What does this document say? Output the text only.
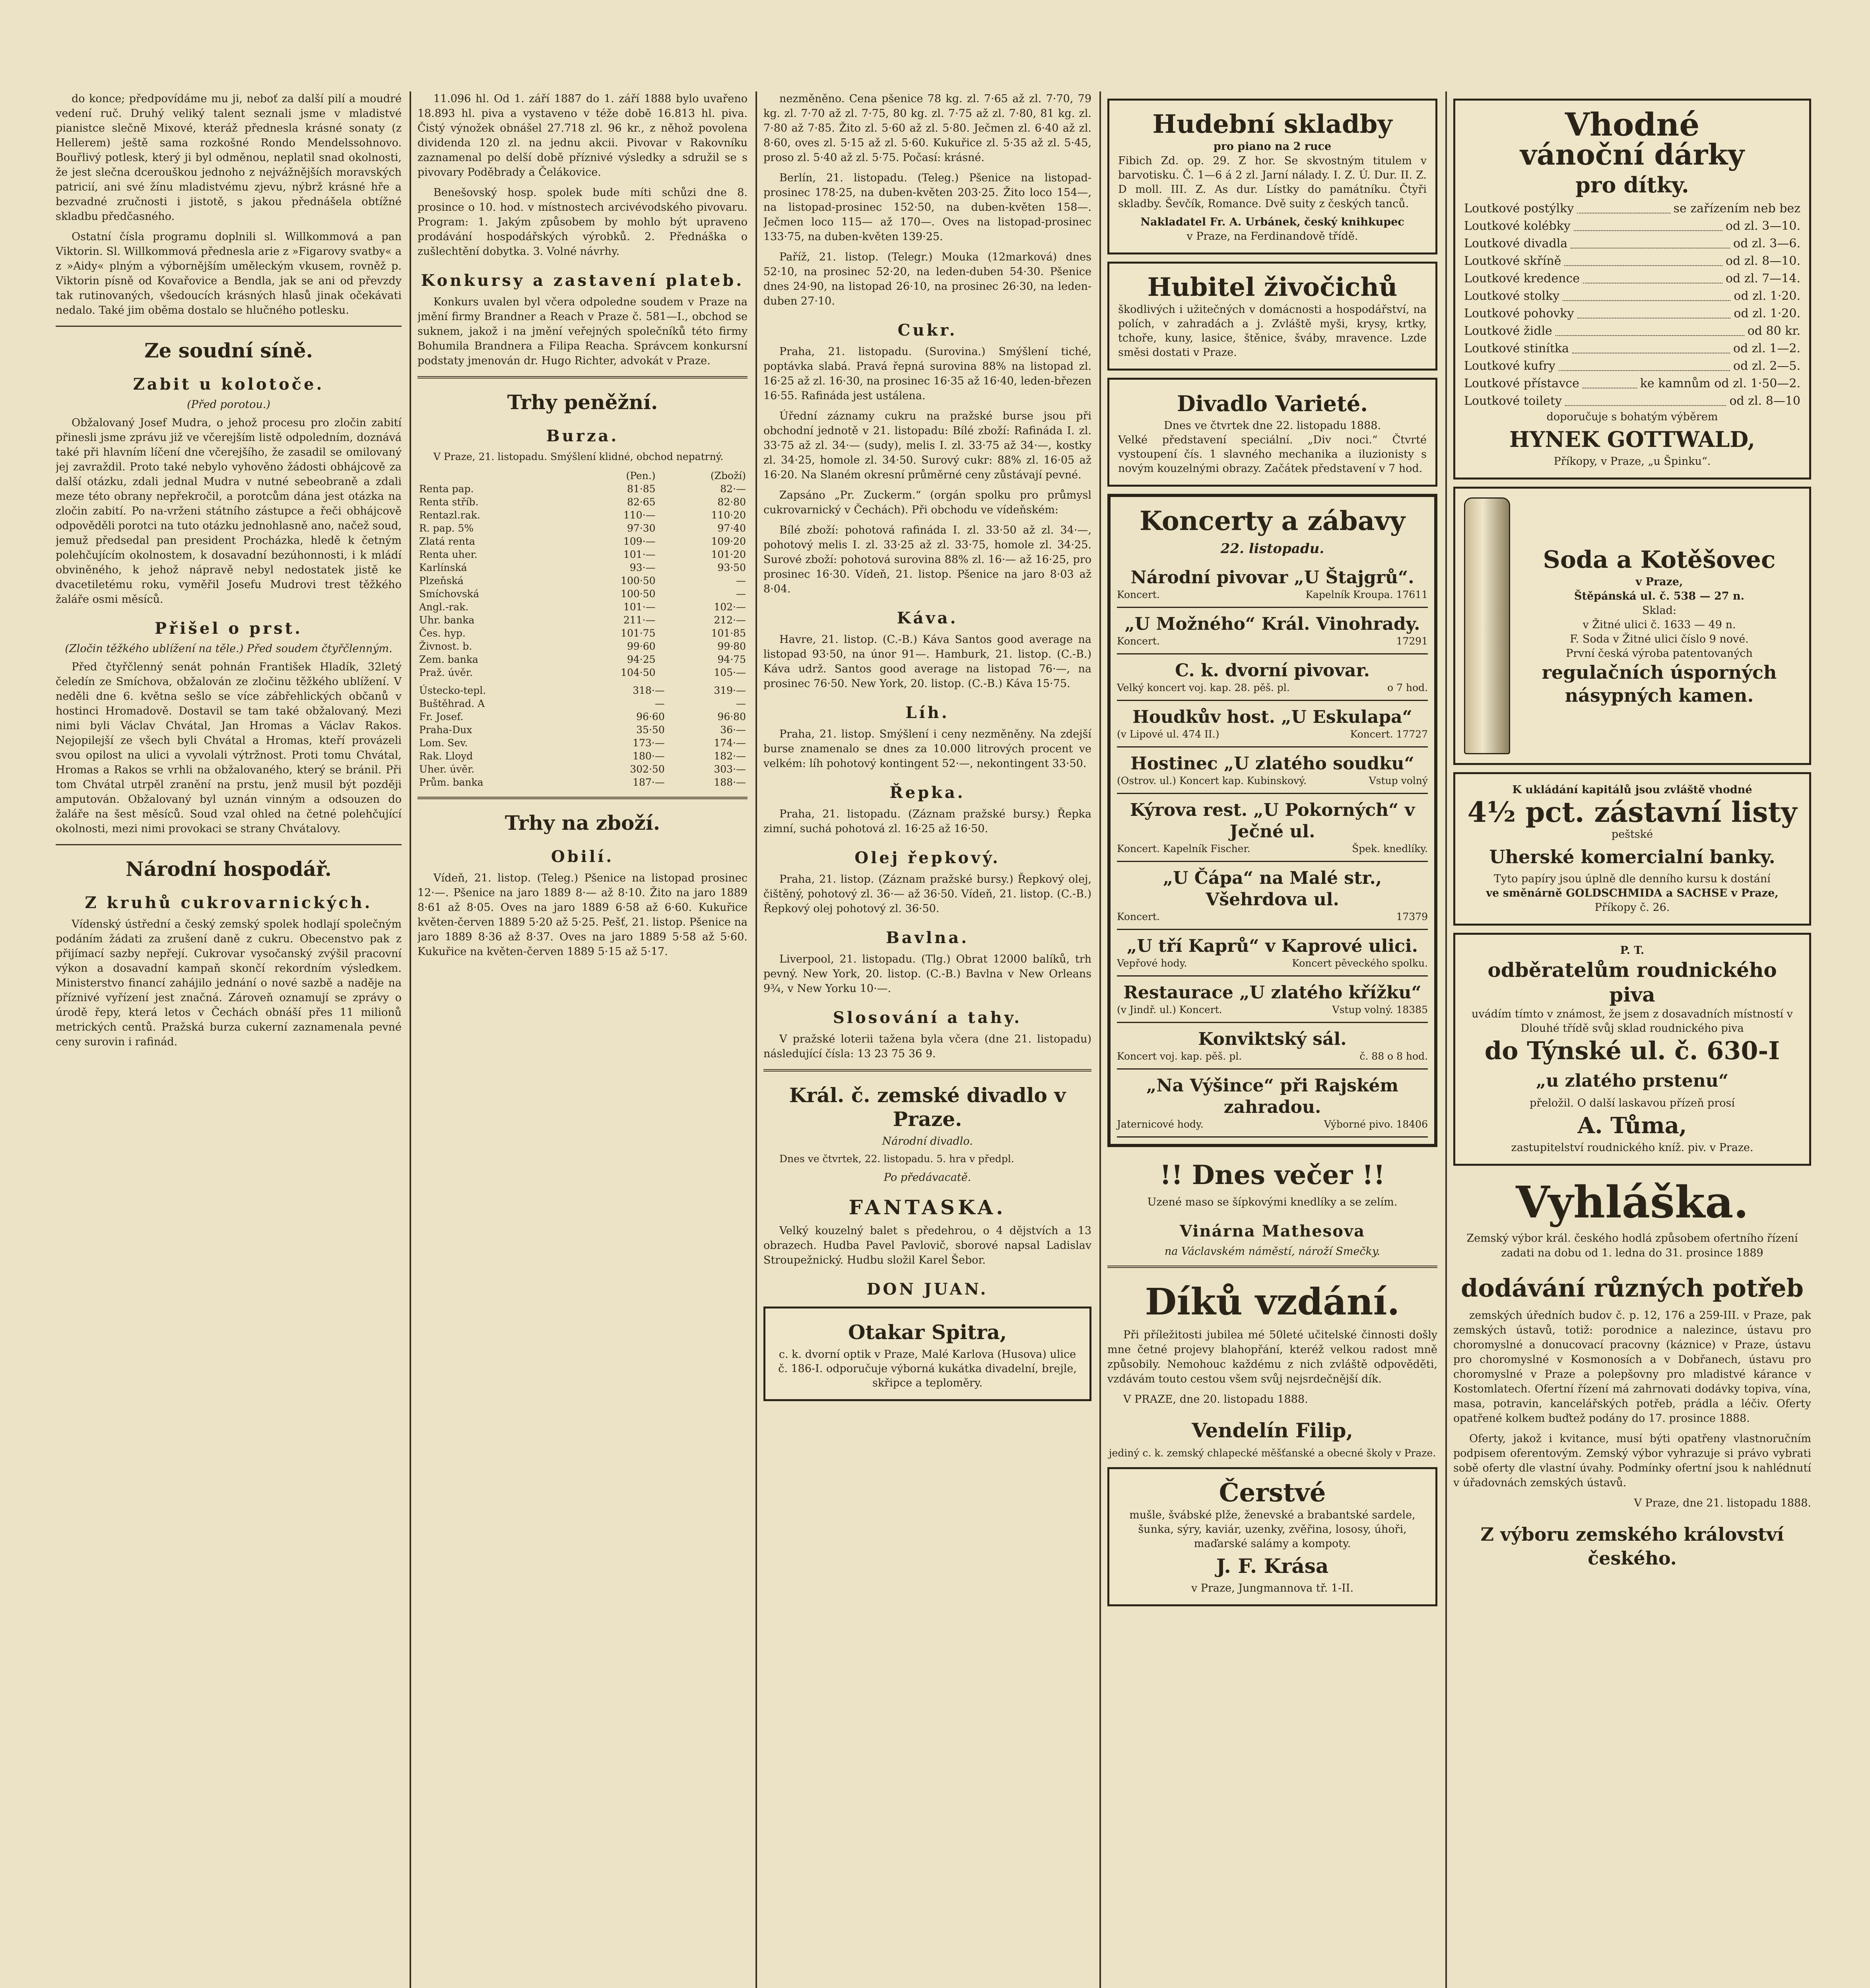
do konce; předpovídáme mu ji, neboť za další pilí a moudré vedení ruč. Druhý veliký talent seznali jsme v mladistvé pianistce slečně Mixové, kteráž přednesla krásné sonaty (z Hellerem) ještě sama rozkošné Rondo Mendelssohnovo. Bouřlivý potlesk, který ji byl odměnou, neplatil snad okolnosti, že jest slečna dcerouškou jednoho z nejvážnějších moravských patricií, ani své žínu mladistvému zjevu, nýbrž krásné hře a bezvadné zručnosti i jistotě, s jakou přednášela obtížné skladbu předčasného.

Ostatní čísla programu doplnili sl. Willkommová a pan Viktorin. Sl. Willkommová přednesla arie z »Figarovy svatby« a z »Aidy« plným a výbornějším uměleckým vkusem, rovněž p. Viktorin písně od Kovařovice a Bendla, jak se ani od převzdy tak rutinovaných, všedoucích krásných hlasů jinak očekávati nedalo. Také jim oběma dostalo se hlučného potlesku.

Ze soudní síně.
Zabit u kolotoče.
(Před porotou.)

Obžalovaný Josef Mudra, o jehož procesu pro zločin zabití přinesli jsme zprávu již ve včerejším listě odpoledním, doznává také při hlavním líčení dne včerejšího, že zasadil se omilovaný jej zavraždil. Proto také nebylo vyhověno žádosti obhájcově za další otázku, zdali jednal Mudra v nutné sebeobraně a zdali meze této obrany nepřekročil, a porotcům dána jest otázka na zločin zabití. Po na-vrženi státního zástupce a řeči obhájcově odpověděli porotci na tuto otázku jednohlasně ano, načež soud, jemuž předsedal pan president Procházka, hledě k četným polehčujícím okolnostem, k dosavadní bezúhonnosti, i k mládí obviněného, k jehož nápravě nebyl nedostatek jistě ke dvacetiletému roku, vyměřil Josefu Mudrovi trest těžkého žaláře osmi měsíců.

Přišel o prst.
(Zločin těžkého ublížení na těle.) Před soudem čtyřčlenným.

Před čtyřčlenný senát pohnán František Hladík, 32letý čeledín ze Smíchova, obžalován ze zločinu těžkého ublížení. V neděli dne 6. května sešlo se více zábřehlických občanů v hostinci Hromadově. Dostavil se tam také obžalovaný. Mezi nimi byli Václav Chvátal, Jan Hromas a Václav Rakos. Nejopilejší ze všech byli Chvátal a Hromas, kteří provázeli svou opilost na ulici a vyvolali výtržnost. Proti tomu Chvátal, Hromas a Rakos se vrhli na obžalovaného, který se bránil. Při tom Chvátal utrpěl zranění na prstu, jenž musil být později amputován. Obžalovaný byl uznán vinným a odsouzen do žaláře na šest měsíců. Soud vzal ohled na četné polehčující okolnosti, mezi nimi provokaci se strany Chvátalovy.

Národní hospodář.
Z kruhů cukrovarnických.

Vídenský ústřední a český zemský spolek hodlají společným podáním žádati za zrušení daně z cukru. Obecenstvo pak z přijímací sazby nepřejí. Cukrovar vysočanský zvýšil pracovní výkon a dosavadní kampaň skončí rekordním výsledkem. Ministerstvo financí zahájilo jednání o nové sazbě a naděje na příznivé vyřízení jest značná. Zároveň oznamují se zprávy o úrodě řepy, která letos v Čechách obnáší přes 11 milionů metrických centů. Pražská burza cukerní zaznamenala pevné ceny surovin i rafinád.

11.096 hl. Od 1. září 1887 do 1. září 1888 bylo uvařeno 18.893 hl. piva a vystaveno v téže době 16.813 hl. piva. Čistý výnožek obnášel 27.718 zl. 96 kr., z něhož povolena dividenda 120 zl. na jednu akcii. Pivovar v Rakovníku zaznamenal po delší době příznivé výsledky a sdružil se s pivovary Poděbrady a Čelákovice.

Benešovský hosp. spolek bude míti schůzi dne 8. prosince o 10. hod. v místnostech arcivévodského pivovaru. Program: 1. Jakým způsobem by mohlo být upraveno prodávání hospodářských výrobků. 2. Přednáška o zušlechtění dobytka. 3. Volné návrhy.

Konkursy a zastavení plateb.

Konkurs uvalen byl včera odpoledne soudem v Praze na jmění firmy Brandner a Reach v Praze č. 581—I., obchod se suknem, jakož i na jmění veřejných společníků této firmy Bohumila Brandnera a Filipa Reacha. Správcem konkursní podstaty jmenován dr. Hugo Richter, advokát v Praze.

Trhy peněžní.
Burza.

V Praze, 21. listopadu. Smýšlení klidné, obchod nepatrný.

	(Pen.)	(Zboží)
Renta pap.	81·85	82·—
Renta stříb.	82·65	82·80
Rentazl.rak.	110·—	110·20
R. pap. 5%	97·30	97·40
Zlatá renta	109·—	109·20
Renta uher.	101·—	101·20
Karlínská	93·—	93·50
Plzeňská	100·50	—
Smíchovská	100·50	—
Angl.-rak.	101·—	102·—
Uhr. banka	211·—	212·—
Čes. hyp.	101·75	101·85
Živnost. b.	99·60	99·80
Zem. banka	94·25	94·75
Praž. úvěr.	104·50	105·—
Ústecko-tepl.	318·—	319·—
Buštěhrad. A	—	—
Fr. Josef.	96·60	96·80
Praha-Dux	35·50	36·—
Lom. Sev.	173·—	174·—
Rak. Lloyd	180·—	182·—
Uher. úvěr.	302·50	303·—
Prům. banka	187·—	188·—
Trhy na zboží.
Obilí.

Vídeň, 21. listop. (Teleg.) Pšenice na listopad prosinec 12·—. Pšenice na jaro 1889 8·— až 8·10. Žito na jaro 1889 8·61 až 8·05. Oves na jaro 1889 6·58 až 6·60. Kukuřice květen-červen 1889 5·20 až 5·25. Pešť, 21. listop. Pšenice na jaro 1889 8·36 až 8·37. Oves na jaro 1889 5·58 až 5·60. Kukuřice na květen-červen 1889 5·15 až 5·17.

nezměněno. Cena pšenice 78 kg. zl. 7·65 až zl. 7·70, 79 kg. zl. 7·70 až zl. 7·75, 80 kg. zl. 7·75 až zl. 7·80, 81 kg. zl. 7·80 až 7·85. Žito zl. 5·60 až zl. 5·80. Ječmen zl. 6·40 až zl. 8·60, oves zl. 5·15 až zl. 5·60. Kukuřice zl. 5·35 až zl. 5·45, proso zl. 5·40 až zl. 5·75. Počasí: krásné.

Berlín, 21. listopadu. (Teleg.) Pšenice na listopad-prosinec 178·25, na duben-květen 203·25. Žito loco 154—, na listopad-prosinec 152·50, na duben-květen 158—. Ječmen loco 115— až 170—. Oves na listopad-prosinec 133·75, na duben-květen 139·25.

Paříž, 21. listop. (Telegr.) Mouka (12marková) dnes 52·10, na prosinec 52·20, na leden-duben 54·30. Pšenice dnes 24·90, na listopad 26·10, na prosinec 26·30, na leden-duben 27·10.

Cukr.

Praha, 21. listopadu. (Surovina.) Smýšlení tiché, poptávka slabá. Pravá řepná surovina 88% na listopad zl. 16·25 až zl. 16·30, na prosinec 16·35 až 16·40, leden-březen 16·55. Rafináda jest ustálena.

Úřední záznamy cukru na pražské burse jsou při obchodní jednotě v 21. listopadu: Bílé zboží: Rafináda I. zl. 33·75 až zl. 34·— (sudy), melis I. zl. 33·75 až 34·—, kostky zl. 34·25, homole zl. 34·50. Surový cukr: 88% zl. 16·05 až 16·20. Na Slaném okresní průměrné ceny zůstávají pevné.

Zapsáno „Pr. Zuckerm.“ (orgán spolku pro průmysl cukrovarnický v Čechách). Při obchodu ve vídeňském:

Bílé zboží: pohotová rafináda I. zl. 33·50 až zl. 34·—, pohotový melis I. zl. 33·25 až zl. 33·75, homole zl. 34·25. Surové zboží: pohotová surovina 88% zl. 16·— až 16·25, pro prosinec 16·30. Vídeň, 21. listop. Pšenice na jaro 8·03 až 8·04.

Káva.

Havre, 21. listop. (C.-B.) Káva Santos good average na listopad 93·50, na únor 91—. Hamburk, 21. listop. (C.-B.) Káva udrž. Santos good average na listopad 76·—, na prosinec 76·50. New York, 20. listop. (C.-B.) Káva 15·75.

Líh.

Praha, 21. listop. Smýšlení i ceny nezměněny. Na zdejší burse znamenalo se dnes za 10.000 litrových procent ve velkém: líh pohotový kontingent 52·—, nekontingent 33·50.

Řepka.

Praha, 21. listopadu. (Záznam pražské bursy.) Řepka zimní, suchá pohotová zl. 16·25 až 16·50.

Olej řepkový.

Praha, 21. listop. (Záznam pražské bursy.) Řepkový olej, čištěný, pohotový zl. 36·— až 36·50. Vídeň, 21. listop. (C.-B.) Řepkový olej pohotový zl. 36·50.

Bavlna.

Liverpool, 21. listopadu. (Tlg.) Obrat 12000 balíků, trh pevný. New York, 20. listop. (C.-B.) Bavlna v New Orleans 9¾, v New Yorku 10·—.

Slosování a tahy.

V pražské loterii tažena byla včera (dne 21. listopadu) následující čísla: 13 23 75 36 9.

Král. č. zemské divadlo v Praze.
Národní divadlo.

Dnes ve čtvrtek, 22. listopadu. 5. hra v předpl.

Po předávacatě.
FANTASKA.

Velký kouzelný balet s předehrou, o 4 dějstvích a 13 obrazech. Hudba Pavel Pavlovič, sborové napsal Ladislav Stroupežnický. Hudbu složil Karel Šebor.

DON JUAN.
Otakar Spitra,
c. k. dvorní optik v Praze, Malé Karlova (Husova) ulice č. 186-I. odporučuje výborná kukátka divadelní, brejle, skřipce a teploměry.
Hudební skladby
pro piano na 2 ruce
Fibich Zd. op. 29. Z hor. Se skvostným titulem v barvotisku. Č. 1—6 á 2 zl. Jarní nálady. I. Z. Ú. Dur. II. Z. D moll. III. Z. As dur. Lístky do památníku. Čtyři skladby. Ševčík, Romance. Dvě suity z českých tanců.
Nakladatel Fr. A. Urbánek, český knihkupec
v Praze, na Ferdinandově třídě.
Hubitel živočichů
škodlivých i užitečných v domácnosti a hospodářství, na polích, v zahradách a j. Zvláště myši, krysy, krtky, tchoře, kuny, lasice, štěnice, šváby, mravence. Lzde směsi dostati v Praze.
Divadlo Varieté.
Dnes ve čtvrtek dne 22. listopadu 1888.
Velké představení speciální. „Div noci.“ Čtvrté vystoupení čís. 1 slavného mechanika a iluzionisty s novým kouzelnými obrazy. Začátek představení v 7 hod.
Koncerty a zábavy
22. listopadu.
Národní pivovar „U Štajgrů“.
Koncert.	Kapelník Kroupa. 17611
„U Možného“ Král. Vinohrady.
Koncert.	17291
C. k. dvorní pivovar.
Velký koncert voj. kap. 28. pěš. pl.	o 7 hod.
Houdkův host. „U Eskulapa“
(v Lipové ul. 474 II.)	Koncert. 17727
Hostinec „U zlatého soudku“
(Ostrov. ul.) Koncert kap. Kubinskový.	Vstup volný
Kýrova rest. „U Pokorných“ v Ječné ul.
Koncert. Kapelník Fischer.	Špek. knedlíky.
„U Čápa“ na Malé str., Všehrdova ul.
Koncert.	17379
„U tří Kaprů“ v Kaprové ulici.
Vepřové hody.	Koncert pěveckého spolku.
Restaurace „U zlatého křížku“
(v Jindř. ul.) Koncert.	Vstup volný. 18385
Konviktský sál.
Koncert voj. kap. pěš. pl.	č. 88 o 8 hod.
„Na Výšince“ při Rajském zahradou.
Jaternicové hody.	Výborné pivo. 18406
!! Dnes večer !!

Uzené maso se šípkovými knedlíky a se zelím.

Vinárna Mathesova
na Václavském náměstí, nároží Smečky.
Díků vzdání.

Při příležitosti jubilea mé 50leté učitelské činnosti došly mne četné projevy blahopřání, kteréž velkou radost mně způsobily. Nemohouc každému z nich zvláště odpověděti, vzdávám touto cestou všem svůj nejsrdečnější dík.

V PRAZE, dne 20. listopadu 1888.

Vendelín Filip,

jediný c. k. zemský chlapecké měšťanské a obecné školy v Praze.

Čerstvé
mušle, švábské plže, ženevské a brabantské sardele, šunka, sýry, kaviár, uzenky, zvěřina, lososy, úhoři, maďarské salámy a kompoty.
J. F. Krása
v Praze, Jungmannova tř. 1-II.
Vhodné
vánoční dárky
pro dítky.
Loutkové postýlky	se zařízením neb bez
Loutkové kolébky	od zl. 3—10.
Loutkové divadla	od zl. 3—6.
Loutkové skříně	od zl. 8—10.
Loutkové kredence	od zl. 7—14.
Loutkové stolky	od zl. 1·20.
Loutkové pohovky	od zl. 1·20.
Loutkové židle	od 80 kr.
Loutkové stinítka	od zl. 1—2.
Loutkové kufry	od zl. 2—5.
Loutkové přístavce	ke kamnům od zl. 1·50—2.
Loutkové toilety	od zl. 8—10
doporučuje s bohatým výběrem
HYNEK GOTTWALD,
Příkopy, v Praze, „u Špinku“.
Soda a Kotěšovec
v Praze,
Štěpánská ul. č. 538 — 27 n.
Sklad:
v Žitné ulici č. 1633 — 49 n.
F. Soda v Žitné ulici číslo 9 nové.
První česká výroba patentovaných
regulačních úsporných násypných kamen.
K ukládání kapitálů jsou zvláště vhodné
4½ pct. zástavní listy
peštské
Uherské komercialní banky.
Tyto papíry jsou úplně dle denního kursu k dostání
ve směnárně GOLDSCHMIDA a SACHSE v Praze,
Příkopy č. 26.
P. T.
odběratelům roudnického piva
uvádím tímto v známost, že jsem z dosavadních místností v Dlouhé třídě svůj sklad roudnického piva
do Týnské ul. č. 630-I
„u zlatého prstenu“
přeložil. O další laskavou přízeň prosí
A. Tůma,
zastupitelství roudnického kníž. piv. v Praze.
Vyhláška.

Zemský výbor král. českého hodlá způsobem ofertního řízení zadati na dobu od 1. ledna do 31. prosince 1889

dodávání různých potřeb

zemských úředních budov č. p. 12, 176 a 259-III. v Praze, pak zemských ústavů, totiž: porodnice a nalezince, ústavu pro choromyslné a donucovací pracovny (káznice) v Praze, ústavu pro choromyslné v Kosmonosích a v Dobřanech, ústavu pro choromyslné v Praze a polepšovny pro mladistvé kárance v Kostomlatech. Ofertní řízení má zahrnovati dodávky topiva, vína, masa, potravin, kancelářských potřeb, prádla a léčiv. Oferty opatřené kolkem buďtež podány do 17. prosince 1888.

Oferty, jakož i kvitance, musí býti opatřeny vlastnoručním podpisem oferentovým. Zemský výbor vyhrazuje si právo vybrati sobě oferty dle vlastní úvahy. Podmínky ofertní jsou k nahlédnutí v úřadovnách zemských ústavů.

V Praze, dne 21. listopadu 1888.

Z výboru zemského království českého.
